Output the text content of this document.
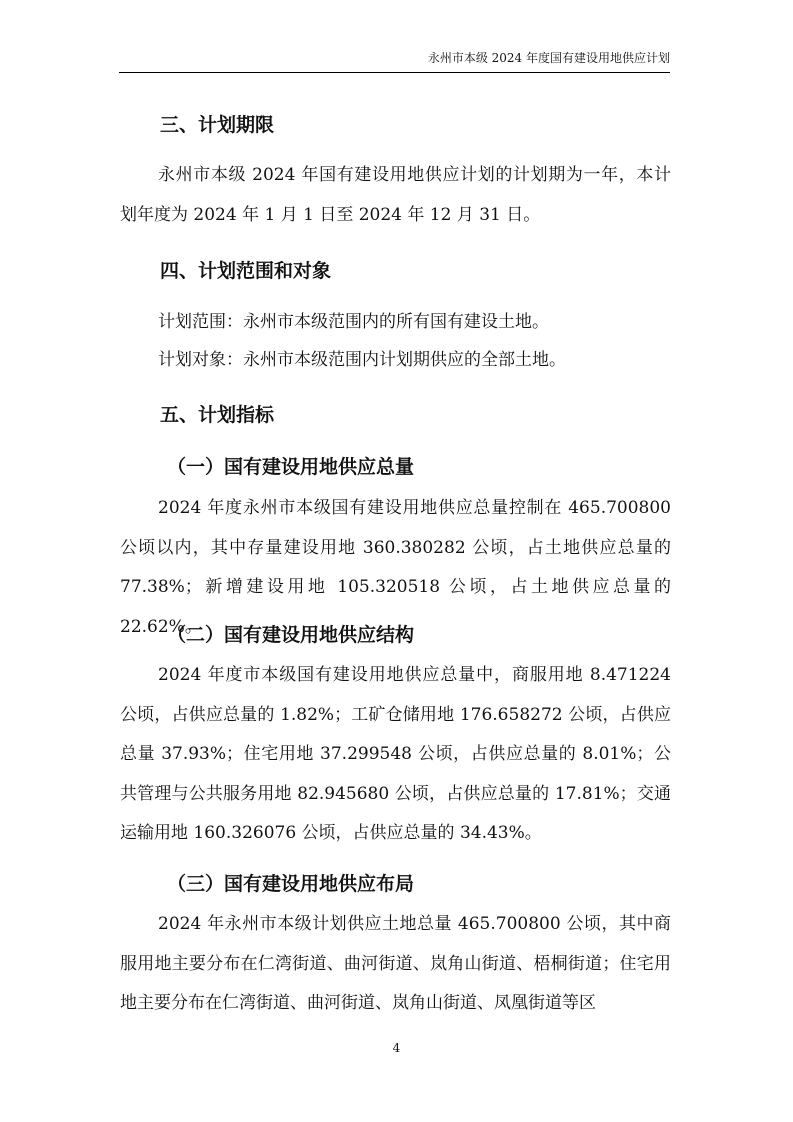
永州市本级 2024 年度国有建设用地供应计划
三、计划期限

永州市本级 2024 年国有建设用地供应计划的计划期为一年，本计划年度为 2024 年 1 月 1 日至 2024 年 12 月 31 日。

四、计划范围和对象
计划范围：永州市本级范围内的所有国有建设土地。
计划对象：永州市本级范围内计划期供应的全部土地。
五、计划指标
（一）国有建设用地供应总量

2024 年度永州市本级国有建设用地供应总量控制在 465.700800 公顷以内，其中存量建设用地 360.380282 公顷，占土地供应总量的 77.38%；新增建设用地 105.320518 公顷，占土地供应总量的 22.62%。

（二）国有建设用地供应结构

2024 年度市本级国有建设用地供应总量中，商服用地 8.471224 公顷，占供应总量的 1.82%；工矿仓储用地 176.658272 公顷，占供应总量 37.93%；住宅用地 37.299548 公顷，占供应总量的 8.01%；公共管理与公共服务用地 82.945680 公顷，占供应总量的 17.81%；交通运输用地 160.326076 公顷，占供应总量的 34.43%。

（三）国有建设用地供应布局

2024 年永州市本级计划供应土地总量 465.700800 公顷，其中商服用地主要分布在仁湾街道、曲河街道、岚角山街道、梧桐街道；住宅用地主要分布在仁湾街道、曲河街道、岚角山街道、凤凰街道等区

4
